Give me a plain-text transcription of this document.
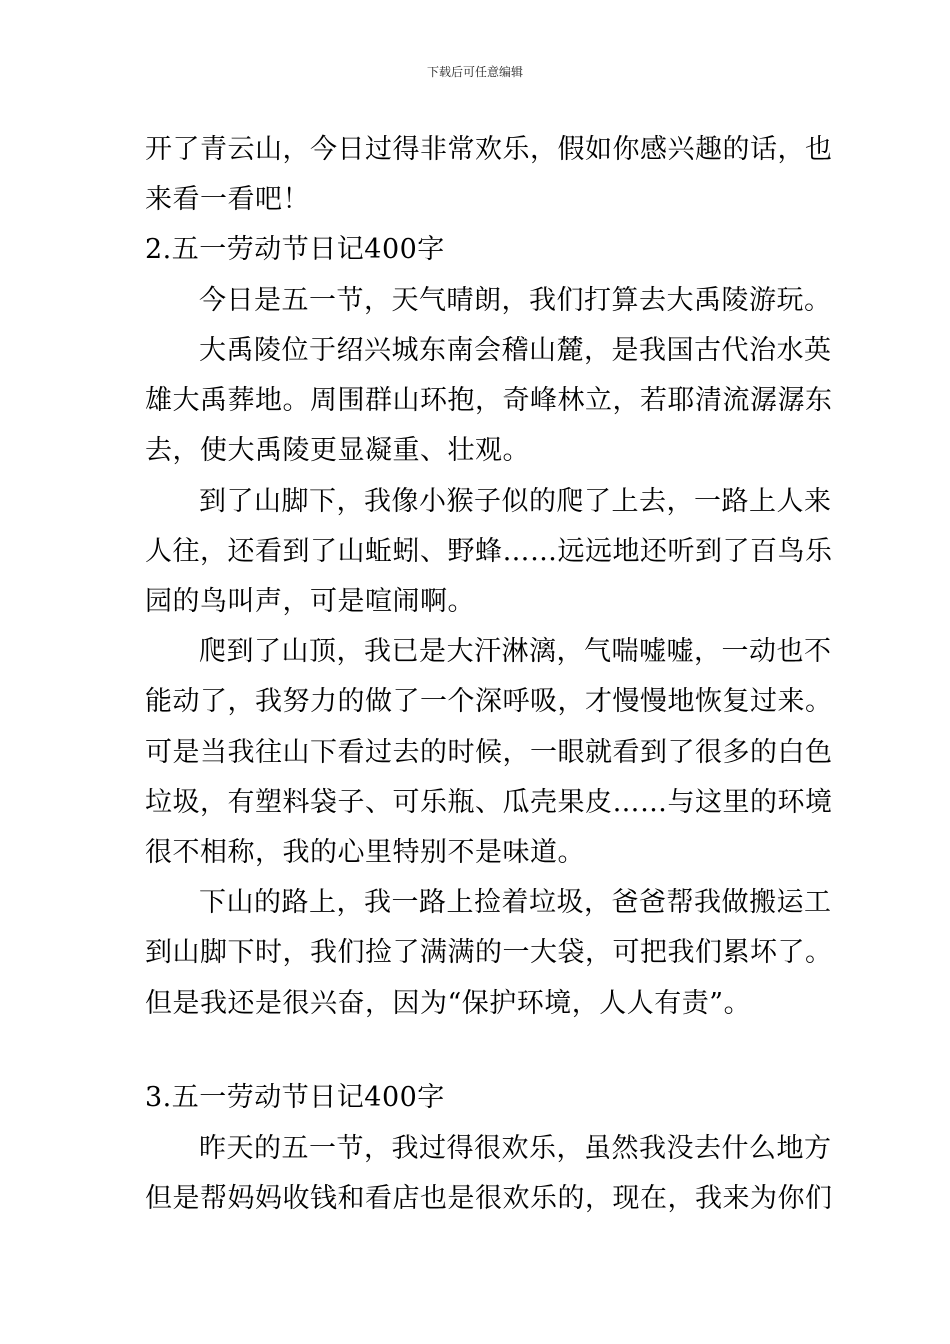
下载后可任意编辑
开了青云山，今日过得非常欢乐，假如你感兴趣的话，也
来看一看吧！
2.五一劳动节日记400字
今日是五一节，天气晴朗，我们打算去大禹陵游玩。
大禹陵位于绍兴城东南会稽山麓，是我国古代治水英
雄大禹葬地。周围群山环抱，奇峰林立，若耶清流潺潺东
去，使大禹陵更显凝重、壮观。
到了山脚下，我像小猴子似的爬了上去，一路上人来
人往，还看到了山蚯蚓、野蜂……远远地还听到了百鸟乐
园的鸟叫声，可是喧闹啊。
爬到了山顶，我已是大汗淋漓，气喘嘘嘘，一动也不
能动了，我努力的做了一个深呼吸，才慢慢地恢复过来。
可是当我往山下看过去的时候，一眼就看到了很多的白色
垃圾，有塑料袋子、可乐瓶、瓜壳果皮……与这里的环境
很不相称，我的心里特别不是味道。
下山的路上，我一路上捡着垃圾，爸爸帮我做搬运工
到山脚下时，我们捡了满满的一大袋，可把我们累坏了。
但是我还是很兴奋，因为“保护环境，人人有责”。
3.五一劳动节日记400字
昨天的五一节，我过得很欢乐，虽然我没去什么地方
但是帮妈妈收钱和看店也是很欢乐的，现在，我来为你们
